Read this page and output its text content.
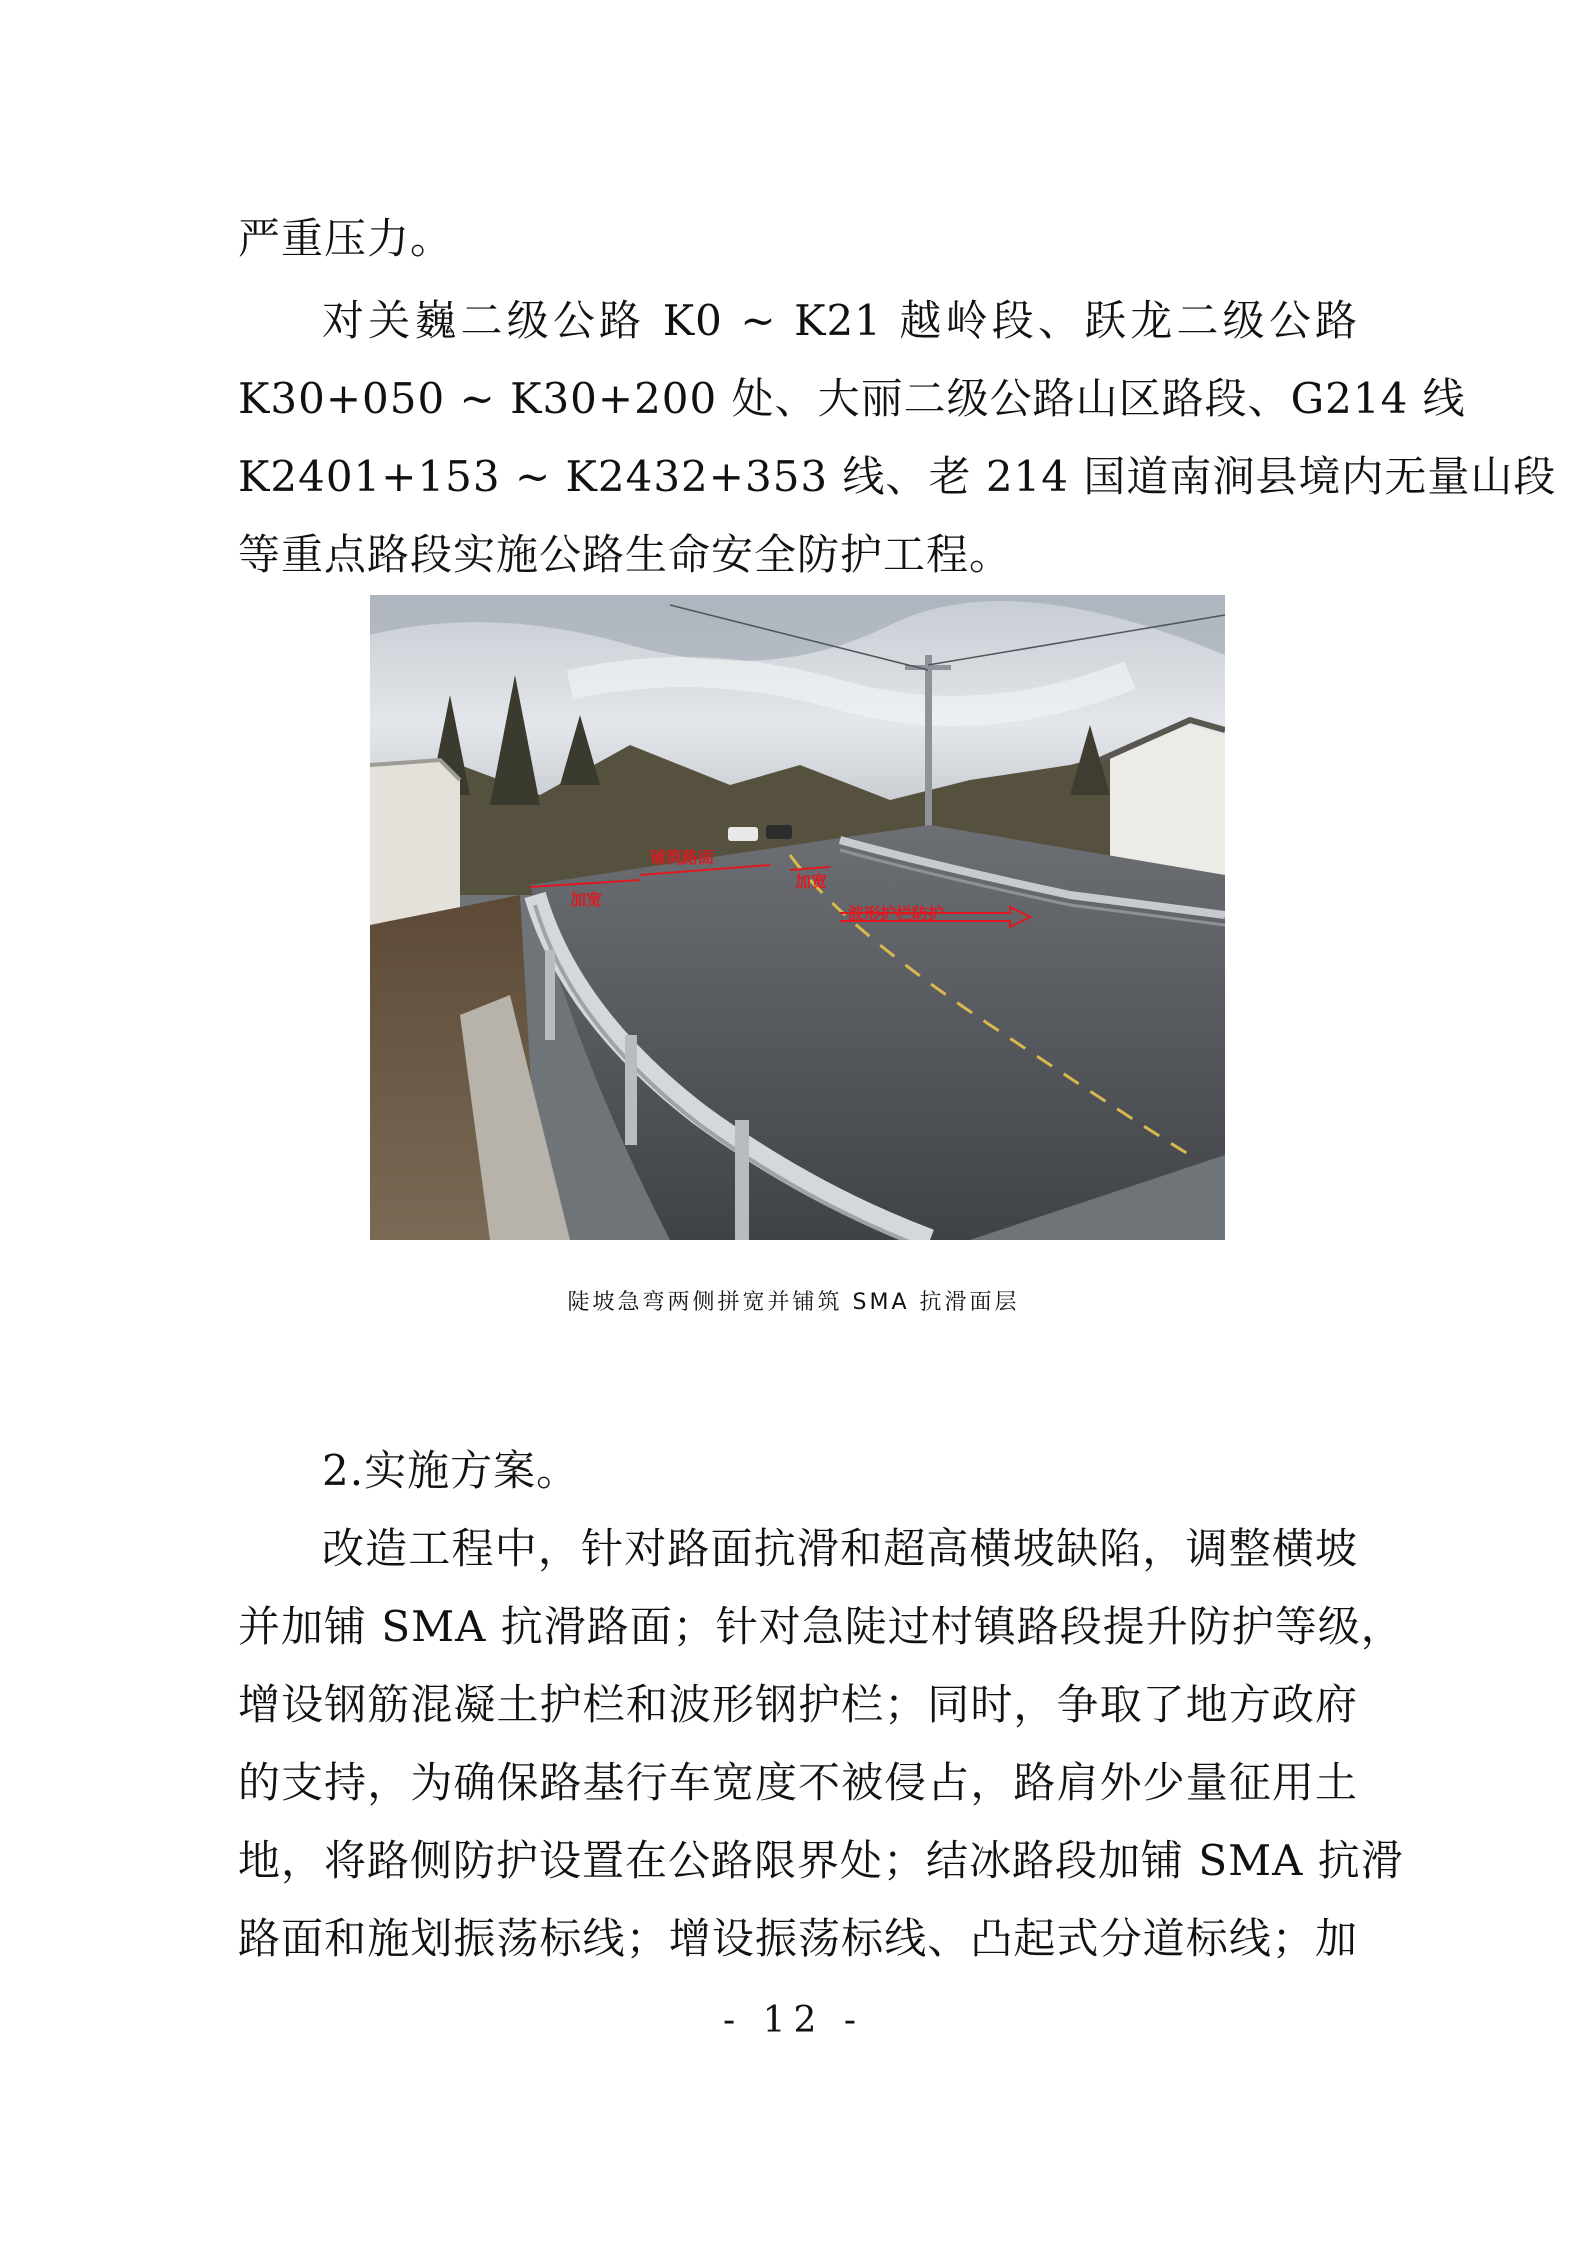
严重压力。
对关巍二级公路 K0 ~ K21 越岭段、跃龙二级公路
K30+050 ~ K30+200 处、大丽二级公路山区路段、G214 线
K2401+153 ~ K2432+353 线、老 214 国道南涧县境内无量山段
等重点路段实施公路生命安全防护工程。
加宽
铺筑路面
加宽
波形护栏防护
陡坡急弯两侧拼宽并铺筑 SMA 抗滑面层
2.实施方案。
改造工程中，针对路面抗滑和超高横坡缺陷，调整横坡
并加铺 SMA 抗滑路面；针对急陡过村镇路段提升防护等级，
增设钢筋混凝土护栏和波形钢护栏；同时，争取了地方政府
的支持，为确保路基行车宽度不被侵占，路肩外少量征用土
地，将路侧防护设置在公路限界处；结冰路段加铺 SMA 抗滑
路面和施划振荡标线；增设振荡标线、凸起式分道标线；加
- 12 -
